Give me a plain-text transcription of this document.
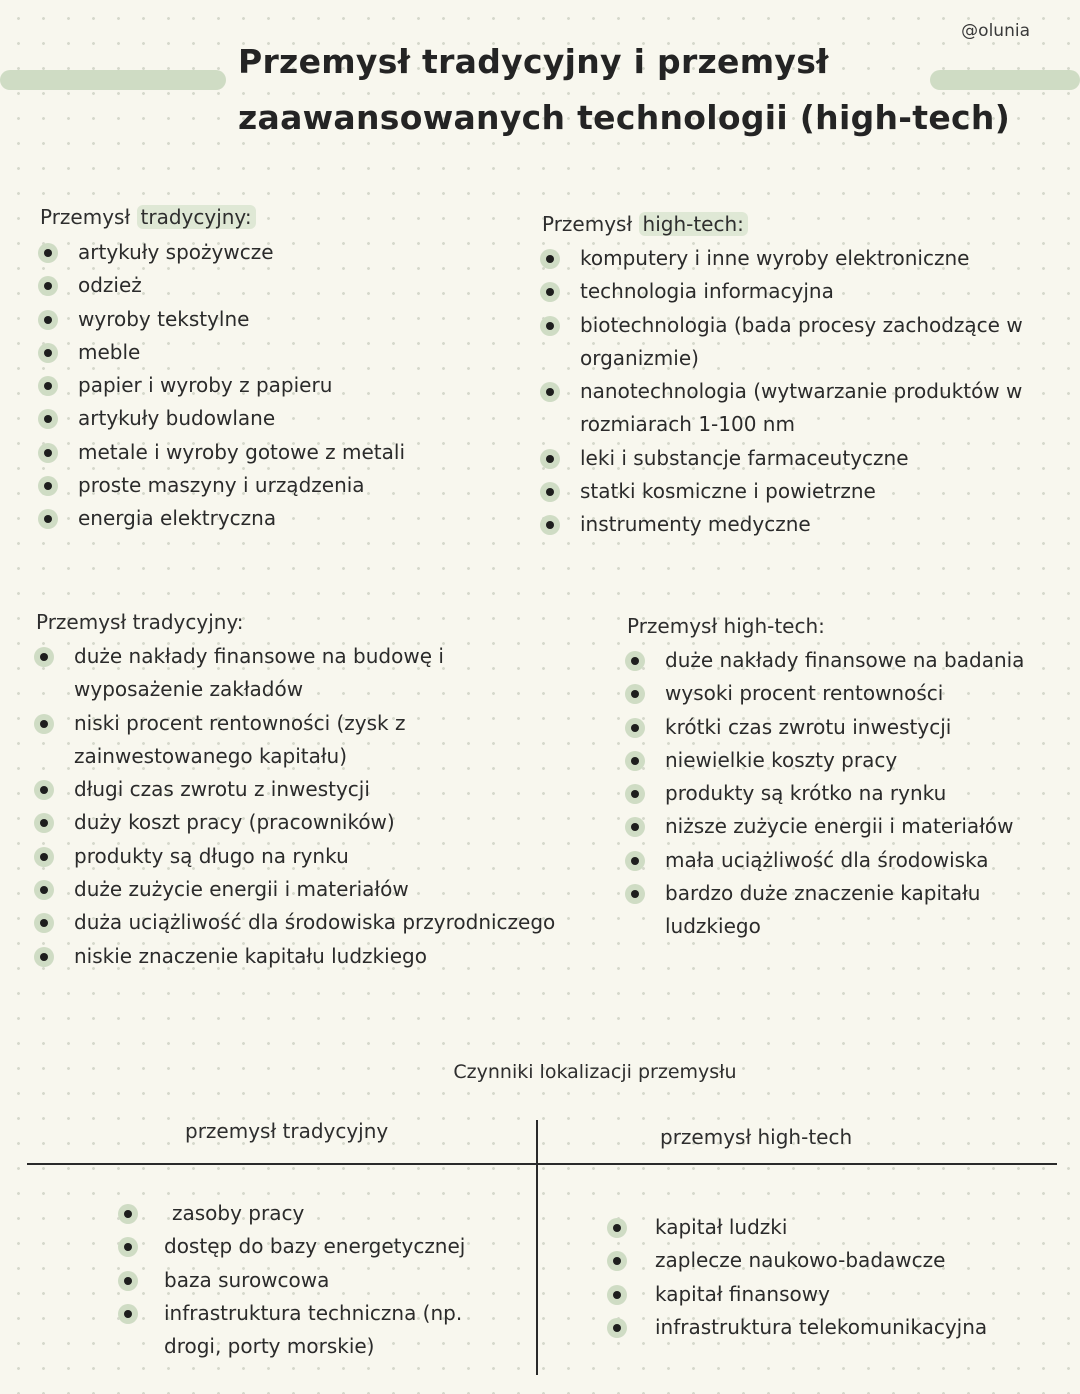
@olunia
Przemysł tradycyjny i przemysł
zaawansowanych technologii (high-tech)
Przemysł tradycyjny:
artykuły spożywcze
odzież
wyroby tekstylne
meble
papier i wyroby z papieru
artykuły budowlane
metale i wyroby gotowe z metali
proste maszyny i urządzenia
energia elektryczna
Przemysł high-tech:
komputery i inne wyroby elektroniczne
technologia informacyjna
biotechnologia (bada procesy zachodzące w
organizmie)
nanotechnologia (wytwarzanie produktów w
rozmiarach 1-100 nm
leki i substancje farmaceutyczne
statki kosmiczne i powietrzne
instrumenty medyczne
Przemysł tradycyjny:
duże nakłady finansowe na budowę i
wyposażenie zakładów
niski procent rentowności (zysk z
zainwestowanego kapitału)
długi czas zwrotu z inwestycji
duży koszt pracy (pracowników)
produkty są długo na rynku
duże zużycie energii i materiałów
duża uciążliwość dla środowiska przyrodniczego
niskie znaczenie kapitału ludzkiego
Przemysł high-tech:
duże nakłady finansowe na badania
wysoki procent rentowności
krótki czas zwrotu inwestycji
niewielkie koszty pracy
produkty są krótko na rynku
niższe zużycie energii i materiałów
mała uciążliwość dla środowiska
bardzo duże znaczenie kapitału
ludzkiego
Czynniki lokalizacji przemysłu
przemysł tradycyjny	przemysł high-tech
zasoby pracy
dostęp do bazy energetycznej
baza surowcowa
infrastruktura techniczna (np.
drogi, porty morskie)
kapitał ludzki
zaplecze naukowo-badawcze
kapitał finansowy
infrastruktura telekomunikacyjna
